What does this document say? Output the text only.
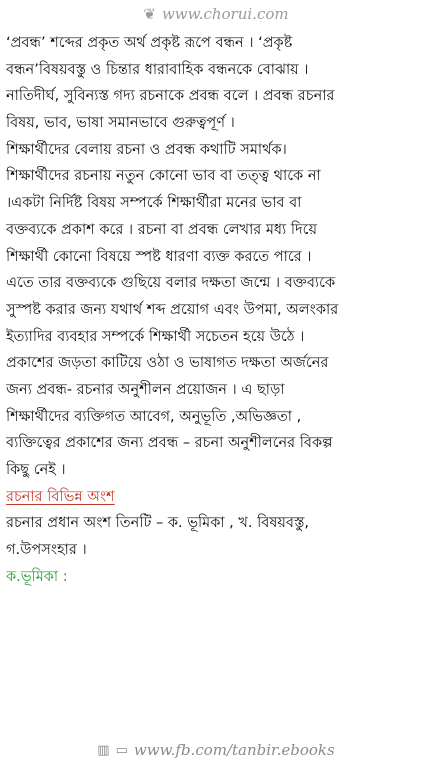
❦ www.chorui.com
‘প্রবন্ধ’ শব্দের প্রকৃত অর্থ প্রকৃষ্ট রূপে বন্ধন । ‘প্রকৃষ্ট
বন্ধন’বিষয়বস্তু ও চিন্তার ধারাবাহিক বন্ধনকে বোঝায় ।
নাতিদীর্ঘ, সুবিন্যস্ত গদ্য রচনাকে প্রবন্ধ বলে । প্রবন্ধ রচনার
বিষয়, ভাব, ভাষা সমানভাবে গুরুত্বপূর্ণ ।
শিক্ষার্থীদের বেলায় রচনা ও প্রবন্ধ কথাটি সমার্থক।
শিক্ষার্থীদের রচনায় নতুন কোনো ভাব বা তত্ত্ব থাকে না
।একটা নির্দিষ্ট বিষয় সম্পর্কে শিক্ষার্থীরা মনের ভাব বা
বক্তব্যকে প্রকাশ করে । রচনা বা প্রবন্ধ লেখার মধ্য দিয়ে
শিক্ষার্থী কোনো বিষয়ে স্পষ্ট ধারণা ব্যক্ত করতে পারে ।
এতে তার বক্তব্যকে গুছিয়ে বলার দক্ষতা জন্মে । বক্তব্যকে
সুস্পষ্ট করার জন্য যথার্থ শব্দ প্রয়োগ এবং উপমা, অলংকার
ইত্যাদির ব্যবহার সম্পর্কে শিক্ষার্থী সচেতন হয়ে উঠে ।
প্রকাশের জড়তা কাটিয়ে ওঠা ও ভাষাগত দক্ষতা অর্জনের
জন্য প্রবন্ধ- রচনার অনুশীলন প্রয়োজন । এ ছাড়া
শিক্ষার্থীদের ব্যক্তিগত আবেগ, অনুভূতি ,অভিজ্ঞতা ,
ব্যক্তিত্বের প্রকাশের জন্য প্রবন্ধ – রচনা অনুশীলনের বিকল্প
কিছু নেই ।
রচনার বিভিন্ন অংশ
রচনার প্রধান অংশ তিনটি – ক. ভূমিকা , খ. বিষয়বস্তু,
গ.উপসংহার ।
ক.ভূমিকা :
▥ ▭ www.fb.com/tanbir.ebooks
